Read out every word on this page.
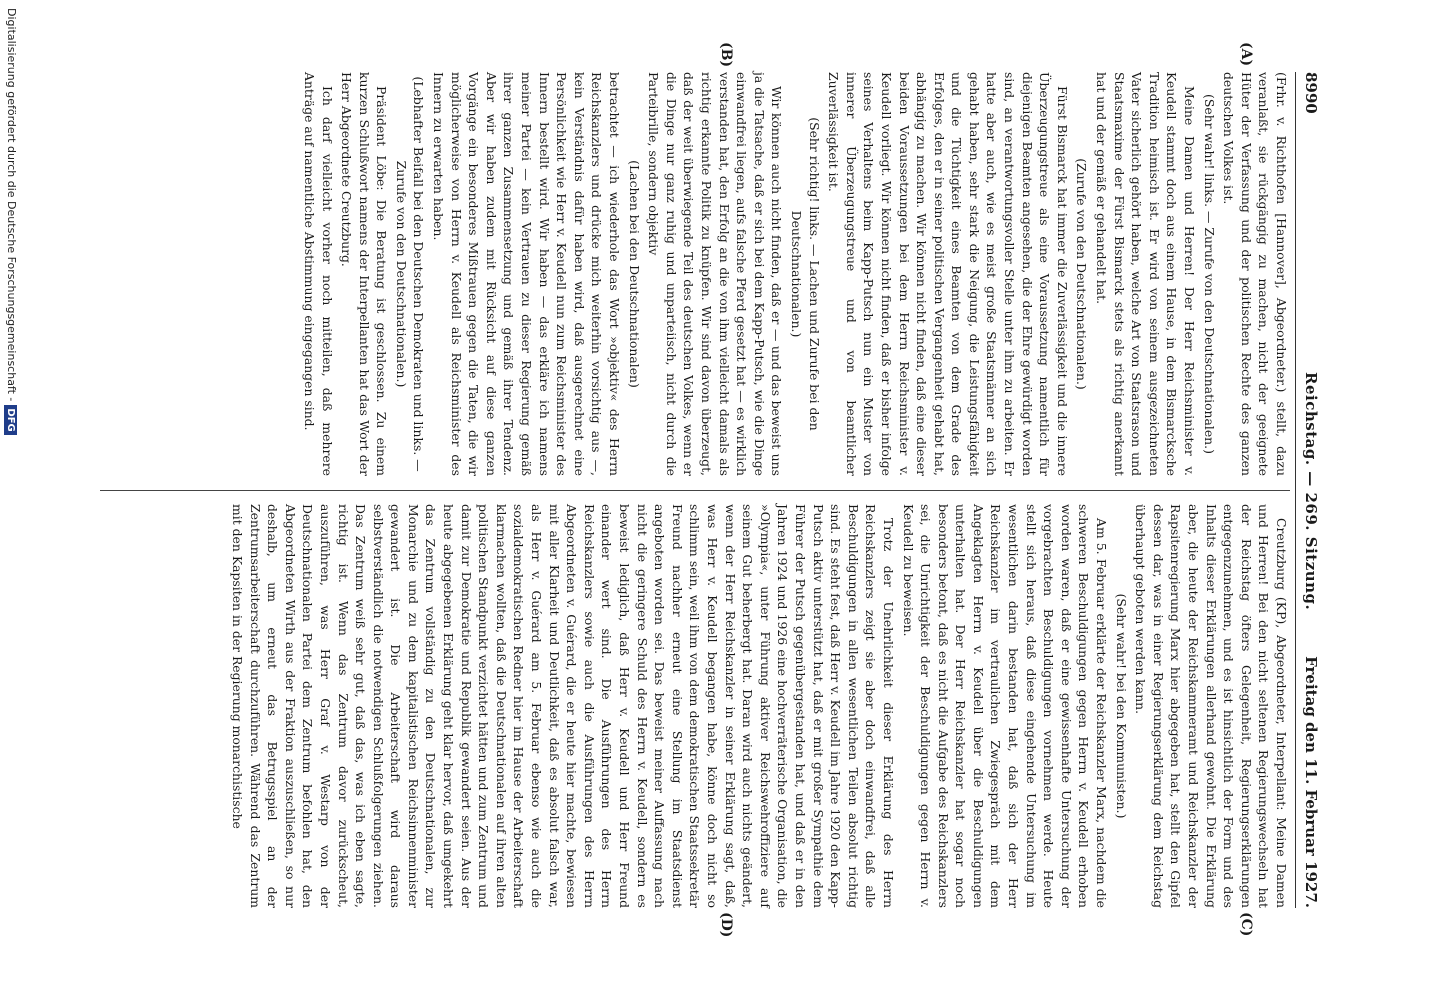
8990
Reichstag. — 269. Sitzung.
Freitag den 11. Februar 1927.
(A)
(B)
(C)
(D)

(Frhr. v. Richthofen [Hannover], Abgeordneter.) stellt, dazu veranlaßt, sie rückgängig zu machen, nicht der geeignete Hüter der Verfassung und der politischen Rechte des ganzen deutschen Volkes ist.

(Sehr wahr! links. — Zurufe von den Deutschnationalen.)

Meine Damen und Herren! Der Herr Reichsminister v. Keudell stammt doch aus einem Hause, in dem Bismarcksche Tradition heimisch ist. Er wird von seinem ausgezeichneten Vater sicherlich gehört haben, welche Art von Staatsrason und Staatsmaxime der Fürst Bismarck stets als richtig anerkannt hat und der gemäß er gehandelt hat.

(Zurufe von den Deutschnationalen.)

Fürst Bismarck hat immer die Zuverlässigkeit und die innere Überzeugungstreue als eine Voraussetzung namentlich für diejenigen Beamten angesehen, die der Ehre gewürdigt worden sind, an verantwortungsvoller Stelle unter ihm zu arbeiten. Er hatte aber auch, wie es meist große Staatsmänner an sich gehabt haben, sehr stark die Neigung, die Leistungsfähigkeit und die Tüchtigkeit eines Beamten von dem Grade des Erfolges, den er in seiner politischen Vergangenheit gehabt hat, abhängig zu machen. Wir können nicht finden, daß eine dieser beiden Voraussetzungen bei dem Herrn Reichsminister v. Keudell vorliegt. Wir können nicht finden, daß er bisher infolge seines Verhaltens beim Kapp-Putsch nun ein Muster von innerer Überzeugungstreue und von beamtlicher Zuverlässigkeit ist.

(Sehr richtig! links. — Lachen und Zurufe bei den Deutschnationalen.)

Wir können auch nicht finden, daß er — und das beweist uns ja die Tatsache, daß er sich bei dem Kapp-Putsch, wie die Dinge einwandfrei liegen, aufs falsche Pferd gesetzt hat — es wirklich verstanden hat, den Erfolg an die von ihm vielleicht damals als richtig erkannte Politik zu knüpfen. Wir sind davon überzeugt, daß der weit überwiegende Teil des deutschen Volkes, wenn er die Dinge nur ganz ruhig und unparteiisch, nicht durch die Parteibrille, sondern objektiv

(Lachen bei den Deutschnationalen)

betrachtet — ich wiederhole das Wort »objektiv« des Herrn Reichskanzlers und drücke mich weiterhin vorsichtig aus —, kein Verständnis dafür haben wird, daß ausgerechnet eine Persönlichkeit wie Herr v. Keudell nun zum Reichsminister des Innern bestellt wird. Wir haben — das erkläre ich namens meiner Partei — kein Vertrauen zu dieser Regierung gemäß ihrer ganzen Zusammensetzung und gemäß ihrer Tendenz. Aber wir haben zudem mit Rücksicht auf diese ganzen Vorgänge ein besonderes Mißtrauen gegen die Taten, die wir möglicherweise von Herrn v. Keudell als Reichsminister des Innern zu erwarten haben.

(Lebhafter Beifall bei den Deutschen Demokraten und links. — Zurufe von den Deutschnationalen.)

Präsident Löbe: Die Beratung ist geschlossen. Zu einem kurzen Schlußwort namens der Interpellanten hat das Wort der Herr Abgeordnete Creutzburg.

Ich darf vielleicht vorher noch mitteilen, daß mehrere Anträge auf namentliche Abstimmung eingegangen sind.

Creutzburg (KP), Abgeordneter, Interpellant: Meine Damen und Herren! Bei den nicht seltenen Regierungswechseln hat der Reichstag öfters Gelegenheit, Regierungserklärungen entgegenzunehmen, und es ist hinsichtlich der Form und des Inhalts dieser Erklärungen allerhand gewohnt. Die Erklärung aber, die heute der Reichskammeramt und Reichskanzler der Rapsitenregierung Marx hier abgegeben hat, stellt den Gipfel dessen dar, was in einer Regierungserklärung dem Reichstag überhaupt geboten werden kann.

(Sehr wahr! bei den Kommunisten.)

Am 5. Februar erklärte der Reichskanzler Marx, nachdem die schweren Beschuldigungen gegen Herrn v. Keudell erhoben worden waren, daß er eine gewissenhafte Untersuchung der vorgebrachten Beschuldigungen vornehmen werde. Heute stellt sich heraus, daß diese eingehende Untersuchung im wesentlichen darin bestanden hat, daß sich der Herr Reichskanzler im vertraulichen Zwiegespräch mit dem Angeklagten Herrn v. Keudell über die Beschuldigungen unterhalten hat. Der Herr Reichskanzler hat sogar noch besonders betont, daß es nicht die Aufgabe des Reichskanzlers sei, die Unrichtigkeit der Beschuldigungen gegen Herrn v. Keudell zu beweisen.

Trotz der Unehrlichkeit dieser Erklärung des Herrn Reichskanzlers zeigt sie aber doch einwandfrei, daß alle Beschuldigungen in allen wesentlichen Teilen absolut richtig sind. Es steht fest, daß Herr v. Keudell im Jahre 1920 den Kapp-Putsch aktiv unterstützt hat, daß er mit großer Sympathie dem Führer der Putsch gegenübergestanden hat, und daß er in den Jahren 1924 und 1926 eine hochverräterische Organisation, die »Olympia«, unter Führung aktiver Reichswehroffiziere auf seinem Gut beherbergt hat. Daran wird auch nichts geändert, wenn der Herr Reichskanzler in seiner Erklärung sagt, daß, was Herr v. Keudell begangen habe, könne doch nicht so schlimm sein, weil ihm von dem demokratischen Staatssekretär Freund nachher erneut eine Stellung im Staatsdienst angeboten worden sei. Das beweist meiner Auffassung nach nicht die geringere Schuld des Herrn v. Keudell, sondern es beweist lediglich, daß Herr v. Keudell und Herr Freund einander wert sind. Die Ausführungen des Herrn Reichskanzlers sowie auch die Ausführungen des Herrn Abgeordneten v. Guérard, die er heute hier machte, bewiesen mit aller Klarheit und Deutlichkeit, daß es absolut falsch war, als Herr v. Guérard am 5. Februar ebenso wie auch die sozialdemokratischen Redner hier im Hause der Arbeiterschaft klarmachen wollten, daß die Deutschnationalen auf ihren alten politischen Standpunkt verzichtet hätten und zum Zentrum und damit zur Demokratie und Republik gewandert seien. Aus der heute abgegebenen Erklärung geht klar hervor, daß umgekehrt das Zentrum vollständig zu den Deutschnationalen, zur Monarchie und zu dem kapitalistischen Reichsinnenminister gewandert ist. Die Arbeiterschaft wird daraus selbstverständlich die notwendigen Schlußfolgerungen ziehen. Das Zentrum weiß sehr gut, daß das, was ich eben sagte, richtig ist. Wenn das Zentrum davor zurückscheut, auszuführen, was Herr Graf v. Westarp von der Deutschnationalen Partei dem Zentrum befohlen hat, den Abgeordneten Wirth aus der Fraktion auszuschließen, so nur deshalb, um erneut das Betrugsspiel an der Zentrumsarbeiterschaft durchzuführen. Während das Zentrum mit den Kapsiten in der Regierung monarchistische

Digitalisierung gefördert durch die Deutsche Forschungsgemeinschaft -DFG
